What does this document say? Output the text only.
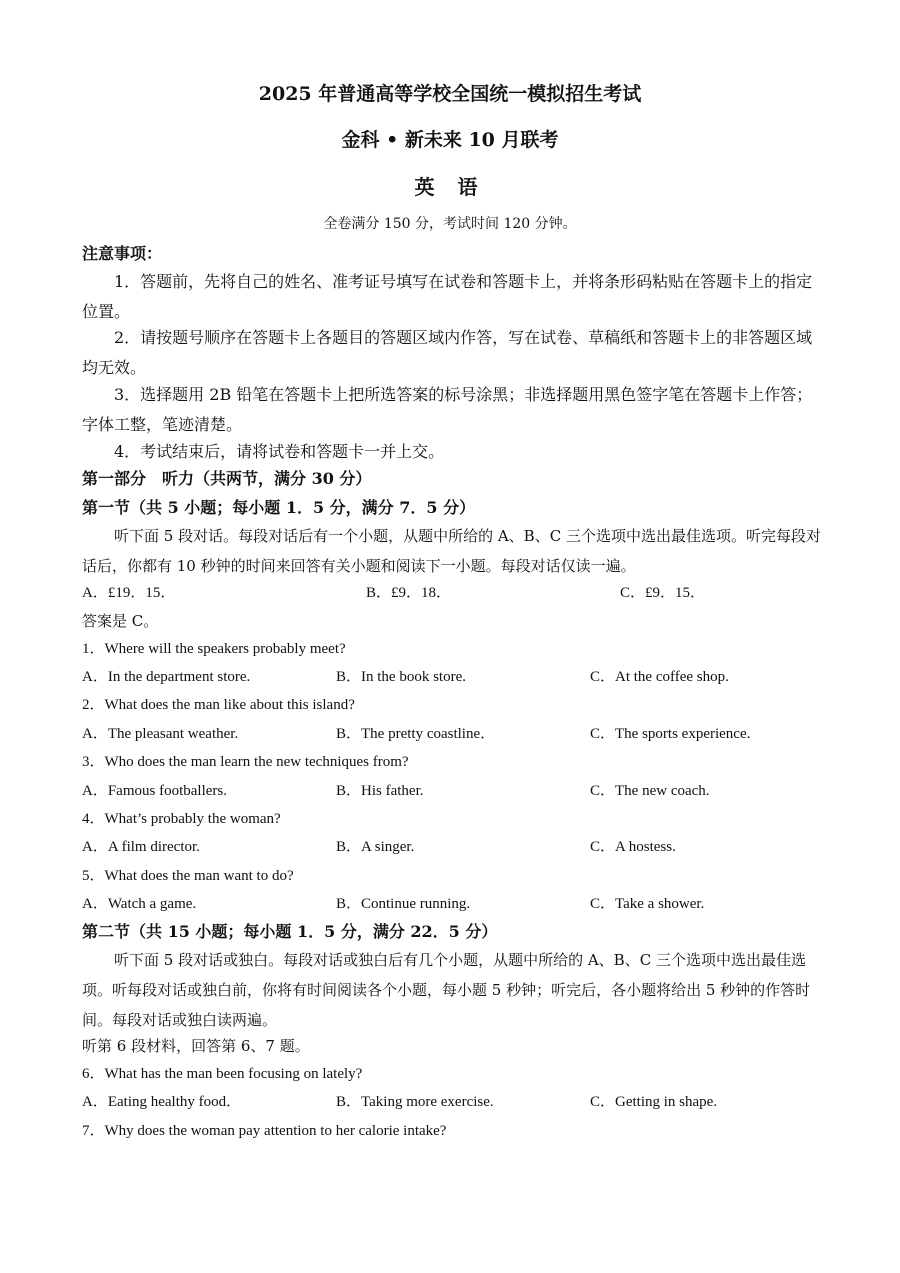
2025 年普通高等学校全国统一模拟招生考试
金科 • 新未来 10 月联考
英 语
全卷满分 150 分，考试时间 120 分钟。
注意事项：
1．答题前，先将自己的姓名、准考证号填写在试卷和答题卡上，并将条形码粘贴在答题卡上的指定位置。
2．请按题号顺序在答题卡上各题目的答题区域内作答，写在试卷、草稿纸和答题卡上的非答题区域均无效。
3．选择题用 2B 铅笔在答题卡上把所选答案的标号涂黑；非选择题用黑色签字笔在答题卡上作答；字体工整，笔迹清楚。
4．考试结束后，请将试卷和答题卡一并上交。
第一部分　听力（共两节，满分 30 分）
第一节（共 5 小题；每小题 1．5 分，满分 7．5 分）
听下面 5 段对话。每段对话后有一个小题，从题中所给的 A、B、C 三个选项中选出最佳选项。听完每段对话后，你都有 10 秒钟的时间来回答有关小题和阅读下一小题。每段对话仅读一遍。
A．£19．15．	B．£9．18．	C．£9．15．
答案是 C。
1．Where will the speakers probably meet?
A．In the department store.	B．In the book store.	C．At the coffee shop.
2．What does the man like about this island?
A．The pleasant weather.	B．The pretty coastline．	C．The sports experience.
3．Who does the man learn the new techniques from?
A．Famous footballers.	B．His father.	C．The new coach.
4．What’s probably the woman?
A．A film director.	B．A singer.	C．A hostess.
5．What does the man want to do?
A．Watch a game.	B．Continue running.	C．Take a shower.
第二节（共 15 小题；每小题 1．5 分，满分 22．5 分）
听下面 5 段对话或独白。每段对话或独白后有几个小题，从题中所给的 A、B、C 三个选项中选出最佳选项。听每段对话或独白前，你将有时间阅读各个小题，每小题 5 秒钟；听完后，各小题将给出 5 秒钟的作答时间。每段对话或独白读两遍。
听第 6 段材料，回答第 6、7 题。
6．What has the man been focusing on lately?
A．Eating healthy food．	B．Taking more exercise.	C．Getting in shape.
7．Why does the woman pay attention to her calorie intake?
